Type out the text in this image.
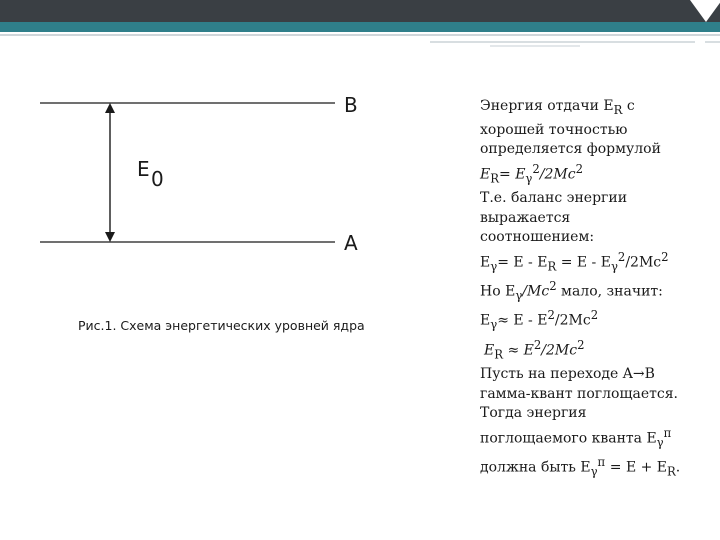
B
A
E0
Рис.1. Схема энергетических уровней ядра
Энергия отдачи $E_R$ с
хорошей точностью
определяется формулой
$E_R= E_\gamma^2/2Mc^2$
Т.е. баланс энергии
выражается
соотношением:
$E_\gamma= E - E_R = E - E_\gamma^2/2Mc^2$
Но $E_\gamma/Mc^2$ мало, значит:
$E_\gamma\approx E - E^2/2Mc^2$
$E_R \approx E^2/2Mc^2$
Пусть на переходе A→B
гамма-квант поглощается.
Тогда энергия
поглощаемого кванта $E_\gamma^п$
должна быть $E_\gamma^п = E + E_R$.
